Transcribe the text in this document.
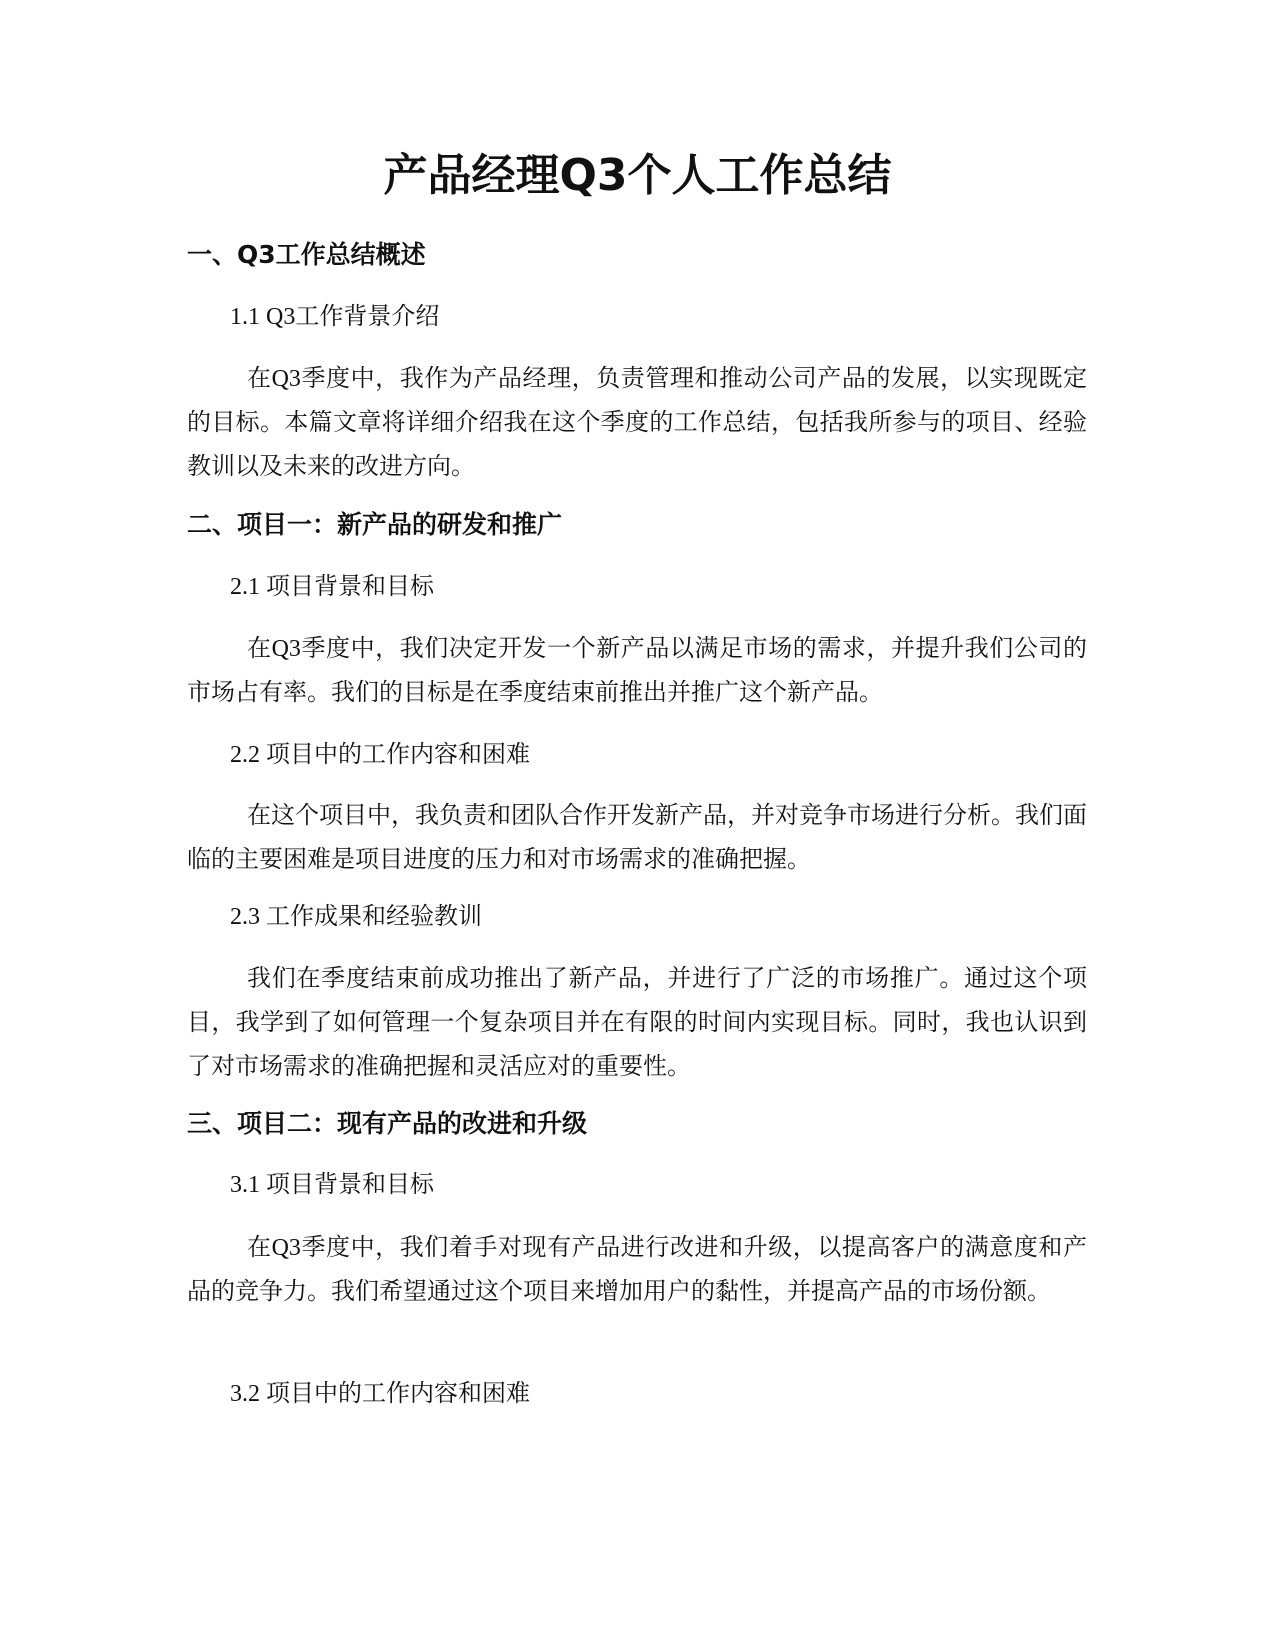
产品经理Q3个人工作总结
一、Q3工作总结概述
1.1 Q3工作背景介绍

在Q3季度中，我作为产品经理，负责管理和推动公司产品的发展，以实现既定的目标。本篇文章将详细介绍我在这个季度的工作总结，包括我所参与的项目、经验教训以及未来的改进方向。

二、项目一：新产品的研发和推广
2.1 项目背景和目标

在Q3季度中，我们决定开发一个新产品以满足市场的需求，并提升我们公司的市场占有率。我们的目标是在季度结束前推出并推广这个新产品。

2.2 项目中的工作内容和困难

在这个项目中，我负责和团队合作开发新产品，并对竞争市场进行分析。我们面临的主要困难是项目进度的压力和对市场需求的准确把握。

2.3 工作成果和经验教训

我们在季度结束前成功推出了新产品，并进行了广泛的市场推广。通过这个项目，我学到了如何管理一个复杂项目并在有限的时间内实现目标。同时，我也认识到了对市场需求的准确把握和灵活应对的重要性。

三、项目二：现有产品的改进和升级
3.1 项目背景和目标

在Q3季度中，我们着手对现有产品进行改进和升级，以提高客户的满意度和产品的竞争力。我们希望通过这个项目来增加用户的黏性，并提高产品的市场份额。

3.2 项目中的工作内容和困难
